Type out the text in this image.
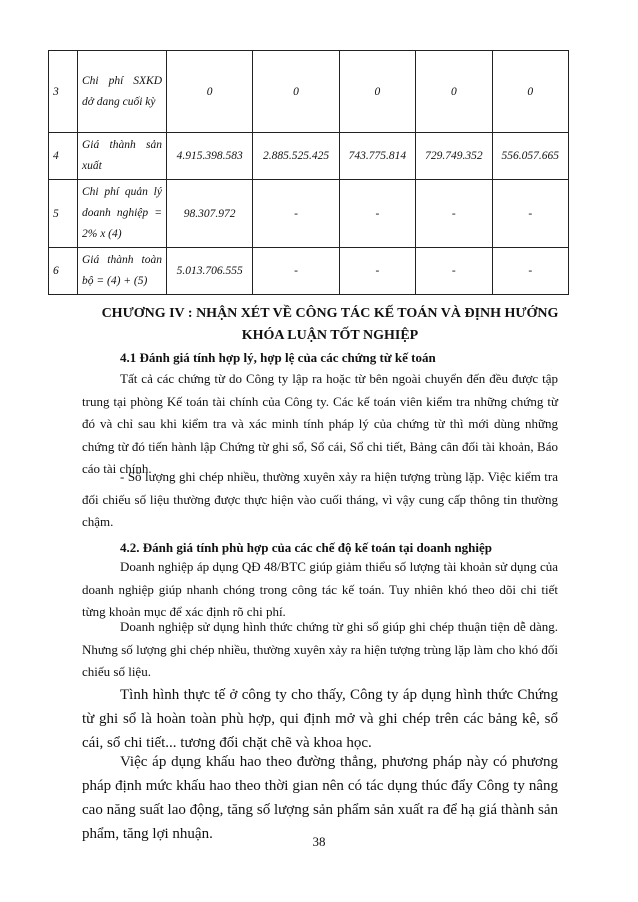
3	Chi phí SXKD dở dang cuối kỳ	0	0	0	0	0
4	Giá thành sản xuất	4.915.398.583	2.885.525.425	743.775.814	729.749.352	556.057.665
5	Chi phí quản lý doanh nghiệp = 2% x (4)	98.307.972	-	-	-	-
6	Giá thành toàn bộ = (4) + (5)	5.013.706.555	-	-	-	-
CHƯƠNG IV : NHẬN XÉT VỀ CÔNG TÁC KẾ TOÁN VÀ ĐỊNH HƯỚNG
KHÓA LUẬN TỐT NGHIỆP
4.1 Đánh giá tính hợp lý, hợp lệ của các chứng từ kế toán
Tất cả các chứng từ do Công ty lập ra hoặc từ bên ngoài chuyển đến đều được tập trung tại phòng Kế toán tài chính của Công ty. Các kế toán viên kiểm tra những chứng từ đó và chỉ sau khi kiểm tra và xác minh tính pháp lý của chứng từ thì mới dùng những chứng từ đó tiến hành lập Chứng từ ghi sổ, Sổ cái, Sổ chi tiết, Bảng cân đối tài khoản, Báo cáo tài chính.
- Số lượng ghi chép nhiều, thường xuyên xảy ra hiện tượng trùng lặp. Việc kiểm tra đối chiếu số liệu thường được thực hiện vào cuối tháng, vì vậy cung cấp thông tin thường chậm.
4.2. Đánh giá tính phù hợp của các chế độ kế toán tại doanh nghiệp
Doanh nghiệp áp dụng QĐ 48/BTC giúp giảm thiểu số lượng tài khoản sử dụng của doanh nghiệp giúp nhanh chóng trong công tác kế toán. Tuy nhiên khó theo dõi chi tiết từng khoản mục để xác định rõ chi phí.
Doanh nghiệp sử dụng hình thức chứng từ ghi sổ giúp ghi chép thuận tiện dễ dàng. Nhưng số lượng ghi chép nhiều, thường xuyên xảy ra hiện tượng trùng lặp làm cho khó đối chiếu số liệu.
Tình hình thực tế ở công ty cho thấy, Công ty áp dụng hình thức Chứng từ ghi sổ là hoàn toàn phù hợp, qui định mở và ghi chép trên các bảng kê, sổ cái, sổ chi tiết... tương đối chặt chẽ và khoa học.
Việc áp dụng khấu hao theo đường thẳng, phương pháp này có phương pháp định mức khấu hao theo thời gian nên có tác dụng thúc đẩy Công ty nâng cao năng suất lao động, tăng số lượng sản phẩm sản xuất ra để hạ giá thành sản phẩm, tăng lợi nhuận.	38
